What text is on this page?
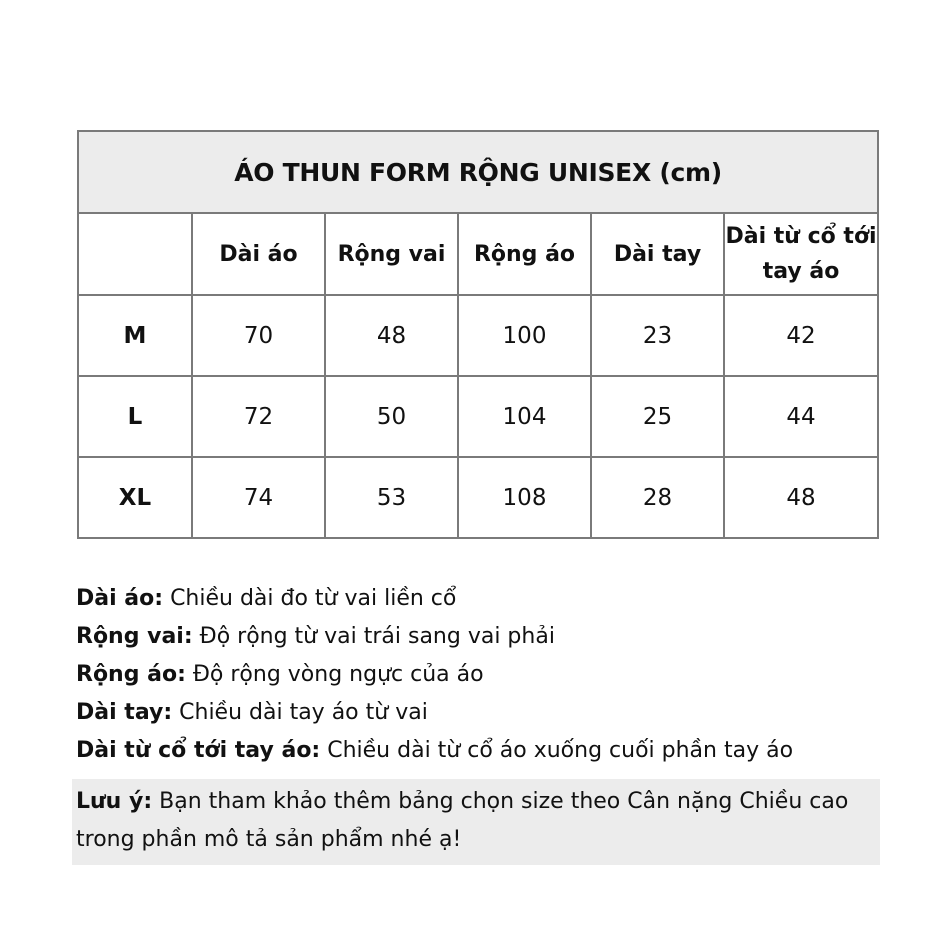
ÁO THUN FORM RỘNG UNISEX (cm)					
	Dài áo	Rộng vai	Rộng áo	Dài tay	Dài từ cổ tới tay áo
M	70	48	100	23	42
L	72	50	104	25	44
XL	74	53	108	28	48
Dài áo: Chiều dài đo từ vai liền cổ
Rộng vai: Độ rộng từ vai trái sang vai phải
Rộng áo: Độ rộng vòng ngực của áo
Dài tay: Chiều dài tay áo từ vai
Dài từ cổ tới tay áo: Chiều dài từ cổ áo xuống cuối phần tay áo
Lưu ý: Bạn tham khảo thêm bảng chọn size theo Cân nặng Chiều cao trong phần mô tả sản phẩm nhé ạ!
